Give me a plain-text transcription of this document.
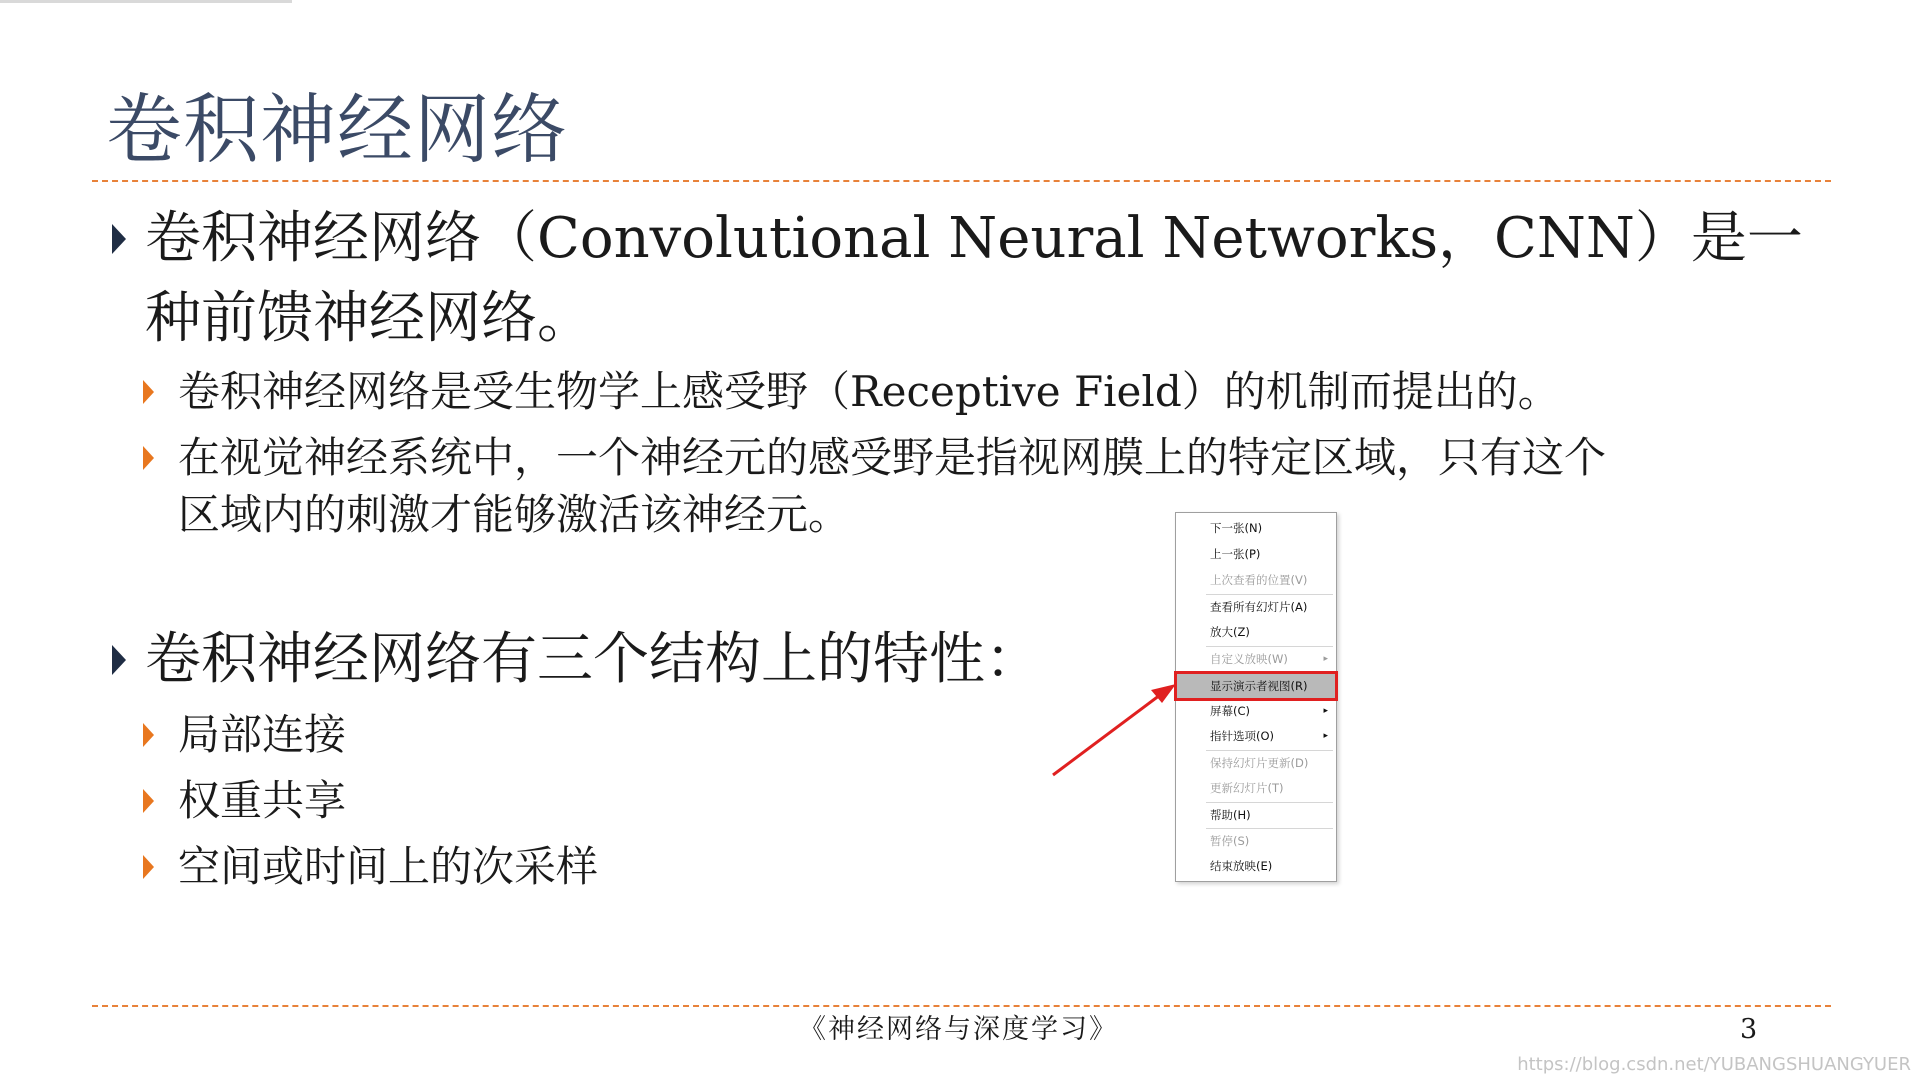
卷积神经网络
卷积神经网络（Convolutional Neural Networks，CNN）是一
种前馈神经网络。
卷积神经网络是受生物学上感受野（Receptive Field）的机制而提出的。
在视觉神经系统中，一个神经元的感受野是指视网膜上的特定区域，只有这个
区域内的刺激才能够激活该神经元。
卷积神经网络有三个结构上的特性：
局部连接
权重共享
空间或时间上的次采样
《神经网络与深度学习》	3
https://blog.csdn.net/YUBANGSHUANGYUER
下一张(N)
上一张(P)
上次查看的位置(V)
查看所有幻灯片(A)
放大(Z)
自定义放映(W)	▸
显示演示者视图(R)
屏幕(C)	▸
指针选项(O)	▸
保持幻灯片更新(D)
更新幻灯片(T)
帮助(H)
暂停(S)
结束放映(E)
